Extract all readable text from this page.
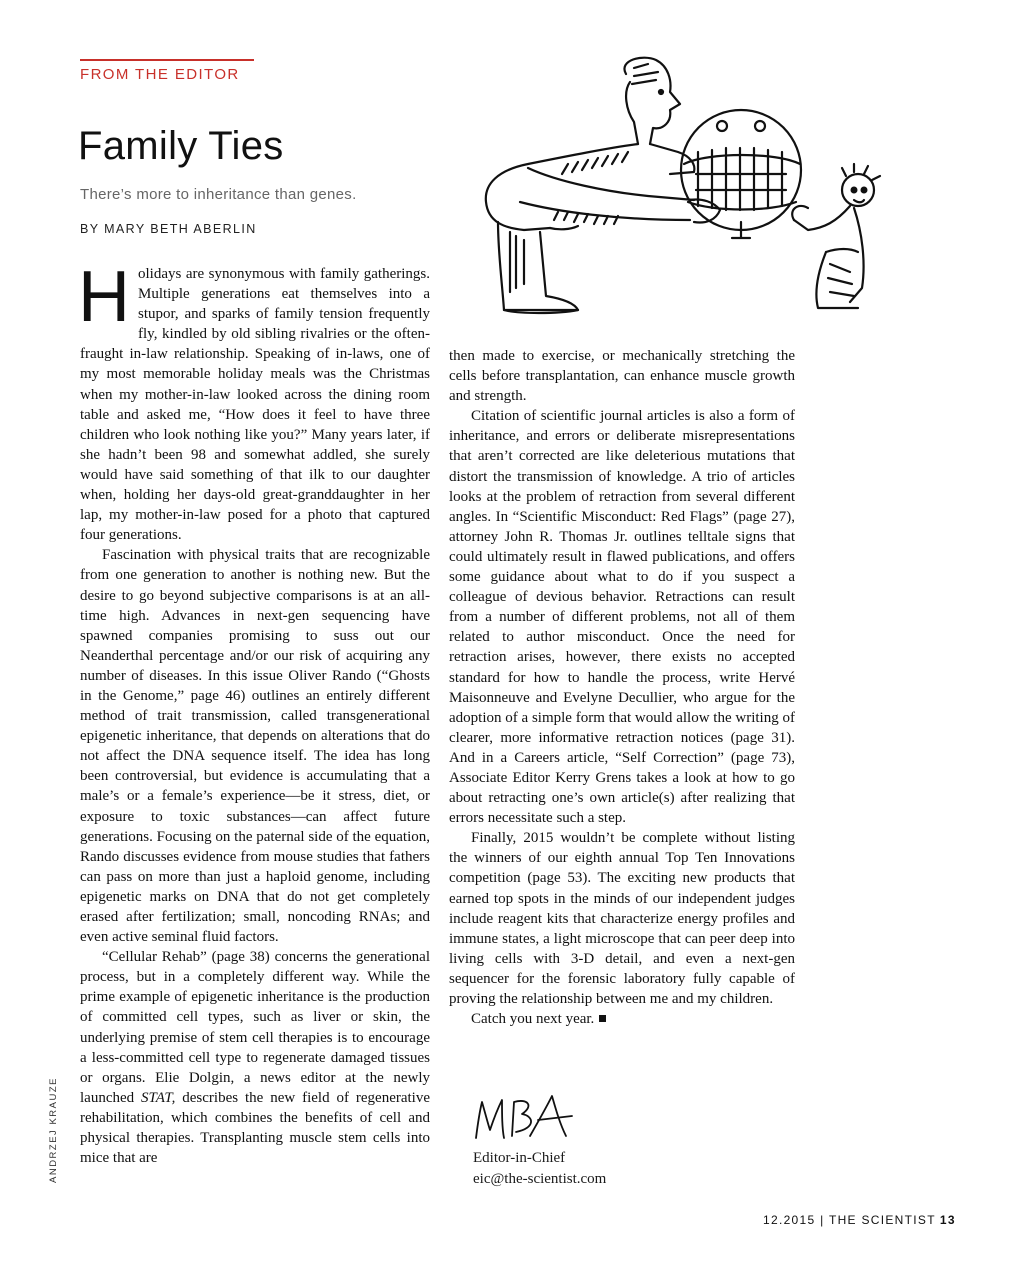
FROM THE EDITOR
Family Ties
There’s more to inheritance than genes.
BY MARY BETH ABERLIN

Holidays are synonymous with family gatherings. Multiple generations eat themselves into a stupor, and sparks of family tension frequently fly, kindled by old sibling rivalries or the often-fraught in-law relationship. Speaking of in-laws, one of my most memorable holiday meals was the Christmas when my mother-in-law looked across the dining room table and asked me, “How does it feel to have three children who look nothing like you?” Many years later, if she hadn’t been 98 and somewhat addled, she surely would have said something of that ilk to our daughter when, holding her days-old great-granddaughter in her lap, my mother-in-law posed for a photo that captured four generations.

Fascination with physical traits that are recognizable from one generation to another is nothing new. But the desire to go beyond subjective comparisons is at an all-time high. Advances in next-gen sequencing have spawned companies promising to suss out our Neanderthal percentage and/or our risk of acquiring any number of diseases. In this issue Oliver Rando (“Ghosts in the Genome,” page 46) outlines an entirely different method of trait transmission, called transgenerational epigenetic inheritance, that depends on alterations that do not affect the DNA sequence itself. The idea has long been controversial, but evidence is accumulating that a male’s or a female’s experience—be it stress, diet, or exposure to toxic substances—can affect future generations. Focusing on the paternal side of the equation, Rando discusses evidence from mouse studies that fathers can pass on more than just a haploid genome, including epigenetic marks on DNA that do not get completely erased after fertilization; small, noncoding RNAs; and even active seminal fluid factors.

“Cellular Rehab” (page 38) concerns the generational process, but in a completely different way. While the prime example of epigenetic inheritance is the production of committed cell types, such as liver or skin, the underlying premise of stem cell therapies is to encourage a less-committed cell type to regenerate damaged tissues or organs. Elie Dolgin, a news editor at the newly launched STAT, describes the new field of regenerative rehabilitation, which combines the benefits of cell and physical therapies. Transplanting muscle stem cells into mice that are

then made to exercise, or mechanically stretching the cells before transplantation, can enhance muscle growth and strength.

Citation of scientific journal articles is also a form of inheritance, and errors or deliberate misrepresentations that aren’t corrected are like deleterious mutations that distort the transmission of knowledge. A trio of articles looks at the problem of retraction from several different angles. In “Scientific Misconduct: Red Flags” (page 27), attorney John R. Thomas Jr. outlines telltale signs that could ultimately result in flawed publications, and offers some guidance about what to do if you suspect a colleague of devious behavior. Retractions can result from a number of different problems, not all of them related to author misconduct. Once the need for retraction arises, however, there exists no accepted standard for how to handle the process, write Hervé Maisonneuve and Evelyne Decullier, who argue for the adoption of a simple form that would allow the writing of clearer, more informative retraction notices (page 31). And in a Careers article, “Self Correction” (page 73), Associate Editor Kerry Grens takes a look at how to go about retracting one’s own article(s) after realizing that errors necessitate such a step.

Finally, 2015 wouldn’t be complete without listing the winners of our eighth annual Top Ten Innovations competition (page 53). The exciting new products that earned top spots in the minds of our independent judges include reagent kits that characterize energy profiles and immune states, a light microscope that can peer deep into living cells with 3-D detail, and even a next-gen sequencer for the forensic laboratory fully capable of proving the relationship between me and my children.

Catch you next year.

Editor-in-Chief
eic@the-scientist.com
ANDRZEJ KRAUZE
12.2015 | THE SCIENTIST 13
